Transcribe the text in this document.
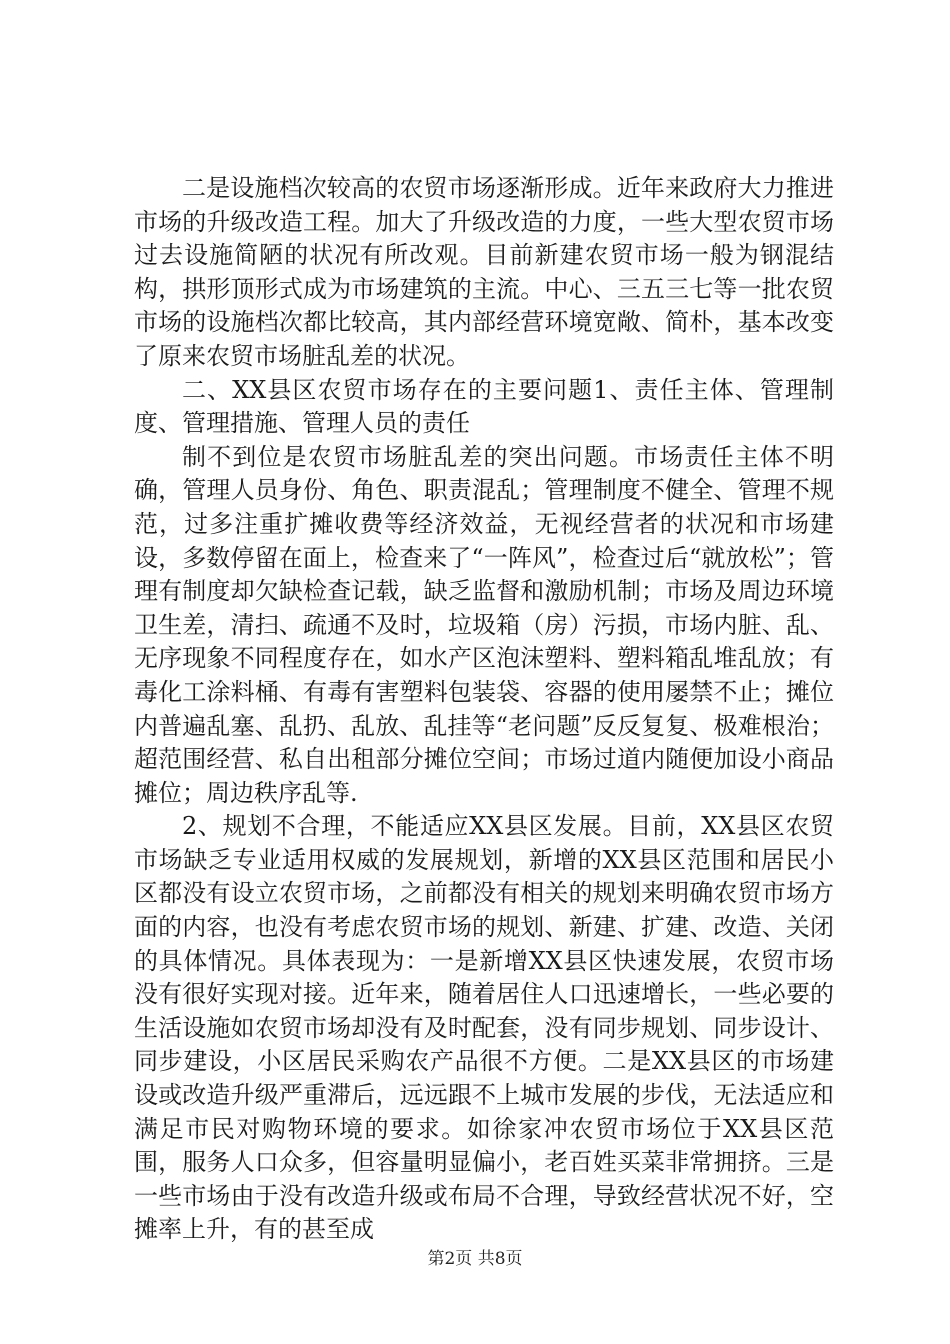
二是设施档次较高的农贸市场逐渐形成。近年来政府大力推进市场的升级改造工程。加大了升级改造的力度，一些大型农贸市场过去设施简陋的状况有所改观。目前新建农贸市场一般为钢混结构，拱形顶形式成为市场建筑的主流。中心、三五三七等一批农贸市场的设施档次都比较高，其内部经营环境宽敞、简朴，基本改变了原来农贸市场脏乱差的状况。

二、XX县区农贸市场存在的主要问题1、责任主体、管理制度、管理措施、管理人员的责任

制不到位是农贸市场脏乱差的突出问题。市场责任主体不明确，管理人员身份、角色、职责混乱；管理制度不健全、管理不规范，过多注重扩摊收费等经济效益，无视经营者的状况和市场建设，多数停留在面上，检查来了“一阵风”，检查过后“就放松”；管理有制度却欠缺检查记载，缺乏监督和激励机制；市场及周边环境卫生差，清扫、疏通不及时，垃圾箱（房）污损，市场内脏、乱、无序现象不同程度存在，如水产区泡沫塑料、塑料箱乱堆乱放；有毒化工涂料桶、有毒有害塑料包装袋、容器的使用屡禁不止；摊位内普遍乱塞、乱扔、乱放、乱挂等“老问题”反反复复、极难根治；超范围经营、私自出租部分摊位空间；市场过道内随便加设小商品摊位；周边秩序乱等.

2、规划不合理，不能适应XX县区发展。目前，XX县区农贸市场缺乏专业适用权威的发展规划，新增的XX县区范围和居民小区都没有设立农贸市场，之前都没有相关的规划来明确农贸市场方面的内容，也没有考虑农贸市场的规划、新建、扩建、改造、关闭的具体情况。具体表现为：一是新增XX县区快速发展，农贸市场没有很好实现对接。近年来，随着居住人口迅速增长，一些必要的生活设施如农贸市场却没有及时配套，没有同步规划、同步设计、同步建设，小区居民采购农产品很不方便。二是XX县区的市场建设或改造升级严重滞后，远远跟不上城市发展的步伐，无法适应和满足市民对购物环境的要求。如徐家冲农贸市场位于XX县区范围，服务人口众多，但容量明显偏小，老百姓买菜非常拥挤。三是一些市场由于没有改造升级或布局不合理，导致经营状况不好，空摊率上升，有的甚至成

第2页 共8页
